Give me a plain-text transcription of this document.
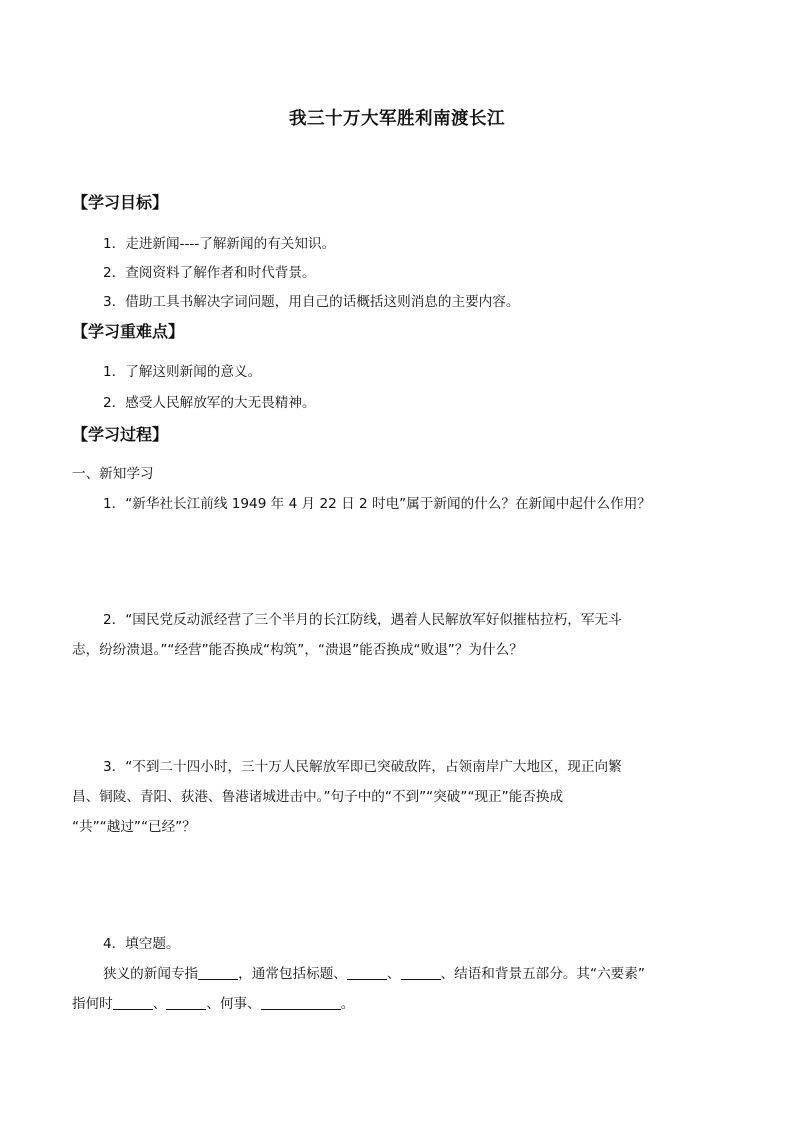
我三十万大军胜利南渡长江
【学习目标】
1．走进新闻----了解新闻的有关知识。
2．查阅资料了解作者和时代背景。
3．借助工具书解决字词问题，用自己的话概括这则消息的主要内容。
【学习重难点】
1．了解这则新闻的意义。
2．感受人民解放军的大无畏精神。
【学习过程】
一、新知学习
1．“新华社长江前线 1949 年 4 月 22 日 2 时电”属于新闻的什么？在新闻中起什么作用？
2．“国民党反动派经营了三个半月的长江防线，遇着人民解放军好似摧枯拉朽，军无斗
志，纷纷溃退。”“经营”能否换成“构筑”，“溃退”能否换成“败退”？为什么？
3．“不到二十四小时，三十万人民解放军即已突破敌阵，占领南岸广大地区，现正向繁
昌、铜陵、青阳、荻港、鲁港诸城进击中。”句子中的“不到”“突破”“现正”能否换成
“共”“越过”“已经”？
4．填空题。
狭义的新闻专指	，通常包括标题、	、	、结语和背景五部分。其“六要素”
指何时	、	、何事、	。
